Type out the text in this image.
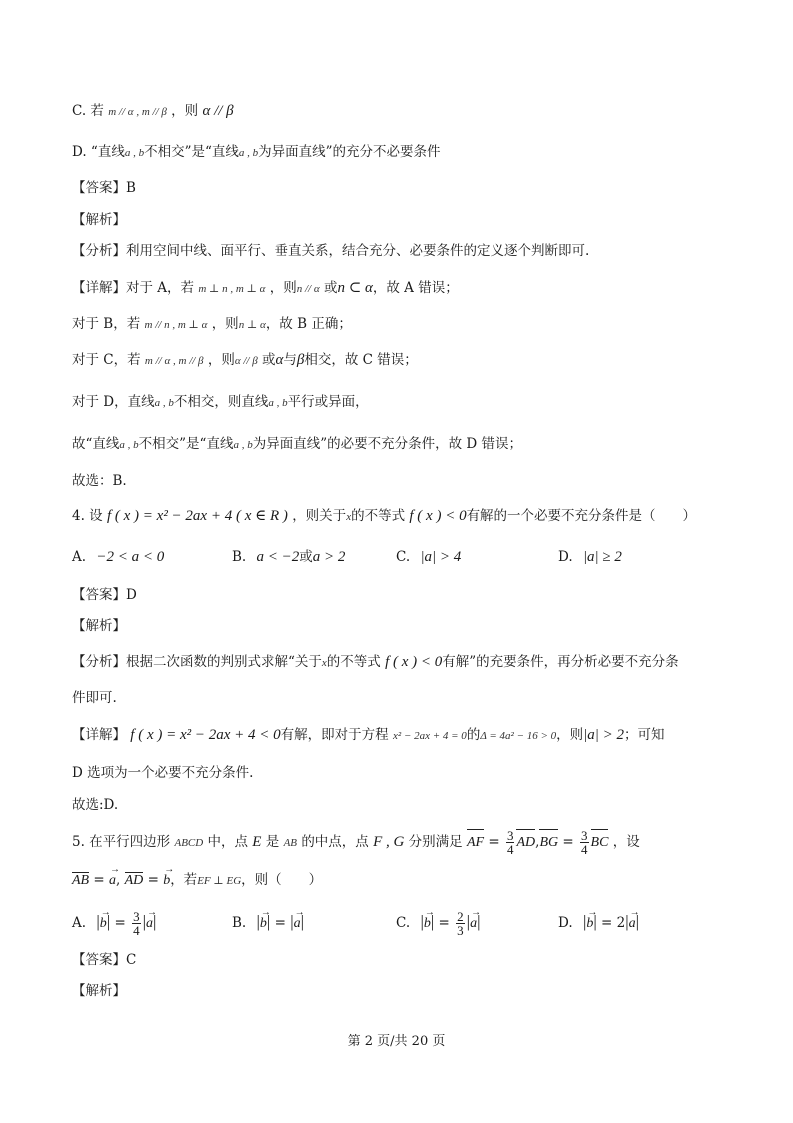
C. 若 m // α , m // β ，则 α // β
D. “直线a , b不相交”是“直线a , b为异面直线”的充分不必要条件
【答案】B
【解析】
【分析】利用空间中线、面平行、垂直关系，结合充分、必要条件的定义逐个判断即可.
【详解】对于 A，若 m ⊥ n , m ⊥ α ，则n // α 或n ⊂ α，故 A 错误；
对于 B，若 m // n , m ⊥ α ，则n ⊥ α，故 B 正确；
对于 C，若 m // α , m // β ，则α // β 或α与β相交，故 C 错误；
对于 D，直线a , b不相交，则直线a , b平行或异面，
故“直线a , b不相交”是“直线a , b为异面直线”的必要不充分条件，故 D 错误；
故选：B.
4. 设 f ( x ) = x² − 2ax + 4 ( x ∈ R ) ，则关于x的不等式 f ( x ) < 0有解的一个必要不充分条件是（　　）
A. −2 < a < 0	B. a < −2或a > 2	C. |a| > 4	D. |a| ≥ 2
【答案】D
【解析】
【分析】根据二次函数的判别式求解“关于x的不等式 f ( x ) < 0有解”的充要条件，再分析必要不充分条
件即可.
【详解】 f ( x ) = x² − 2ax + 4 < 0有解，即对于方程 x² − 2ax + 4 = 0的Δ = 4a² − 16 > 0，则|a| > 2；可知
D 选项为一个必要不充分条件.
故选:D.
5. 在平行四边形 ABCD 中，点 E 是 AB 的中点，点 F , G 分别满足 AF = $\frac{3}{4} AD,BG = \frac{3}{4}$ BC ，设
AB = → a, AD = → b，若EF ⊥ EG，则（　　）
A. |→ $b| = \frac{3}{4}$ |→ a|	B. |→ b| = |→ a|	C. |→ $b| = \frac{2}{3}$ |→ a|	D. |→ b| = 2|→ a|
【答案】C
【解析】
第 2 页/共 20 页
